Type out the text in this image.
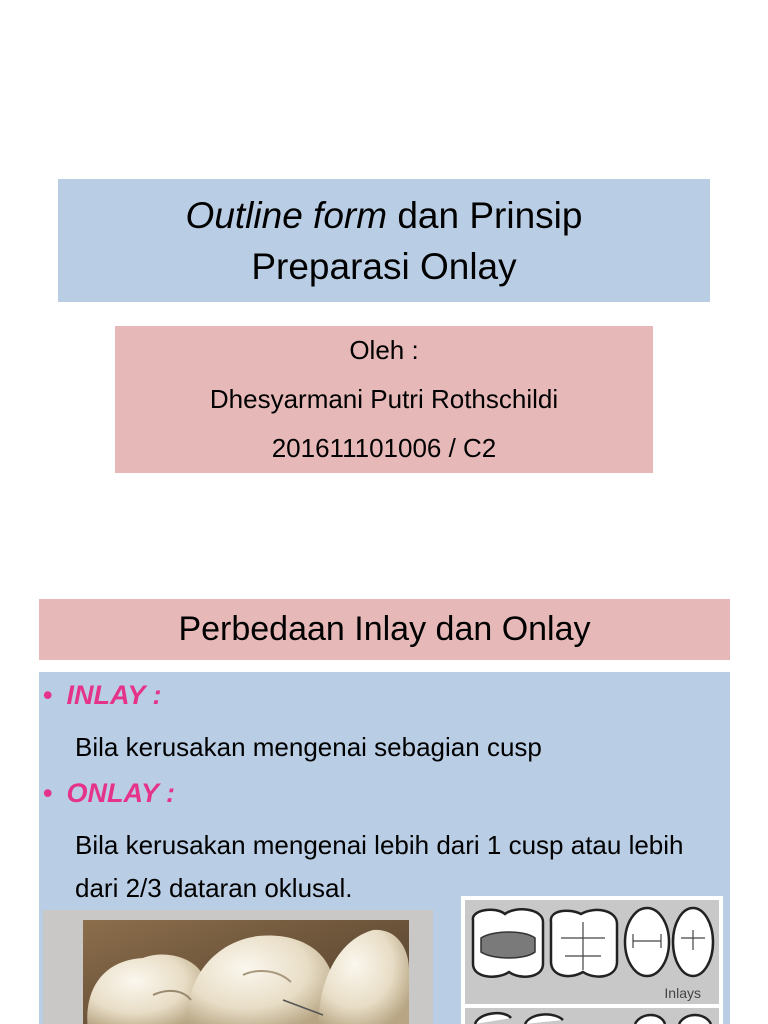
Outline form dan Prinsip
Preparasi Onlay
Oleh :
Dhesyarmani Putri Rothschildi
201611101006 / C2
Perbedaan Inlay dan Onlay
• INLAY :
Bila kerusakan mengenai sebagian cusp
• ONLAY :
Bila kerusakan mengenai lebih dari 1 cusp atau lebih dari 2/3 dataran oklusal.
Inlays
